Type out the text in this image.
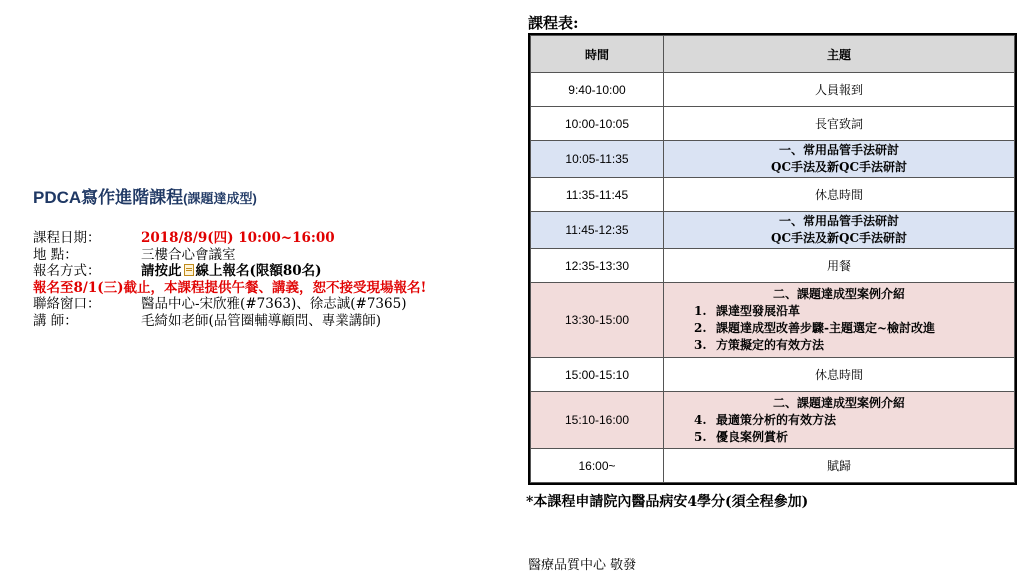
PDCA寫作進階課程(課題達成型)
課程日期：	2018/8/9(四) 10:00~16:00
地 點：	三樓合心會議室
報名方式：	請按此 線上報名(限額80名)
報名至8/1(三)截止，本課程提供午餐、講義，恕不接受現場報名!
聯絡窗口：	醫品中心-宋欣雅(#7363)、徐志誠(#7365)
講 師：	毛綺如老師(品管圈輔導顧問、專業講師)
課程表:
時間	主題
9:40-10:00	人員報到
10:00-10:05	長官致詞
10:05-11:35	一、常用品管手法研討
QC手法及新QC手法研討

11:35-11:45	休息時間
11:45-12:35	一、常用品管手法研討
QC手法及新QC手法研討

12:35-13:30	用餐
13:30-15:00	二、課題達成型案例介紹
1. 課達型發展沿革
2. 課題達成型改善步驟-主題選定~檢討改進
3. 方策擬定的有效方法

15:00-15:10	休息時間
15:10-16:00	二、課題達成型案例介紹
4. 最適策分析的有效方法
5. 優良案例賞析

16:00~	賦歸
*本課程申請院內醫品病安4學分(須全程參加)
醫療品質中心 敬發
